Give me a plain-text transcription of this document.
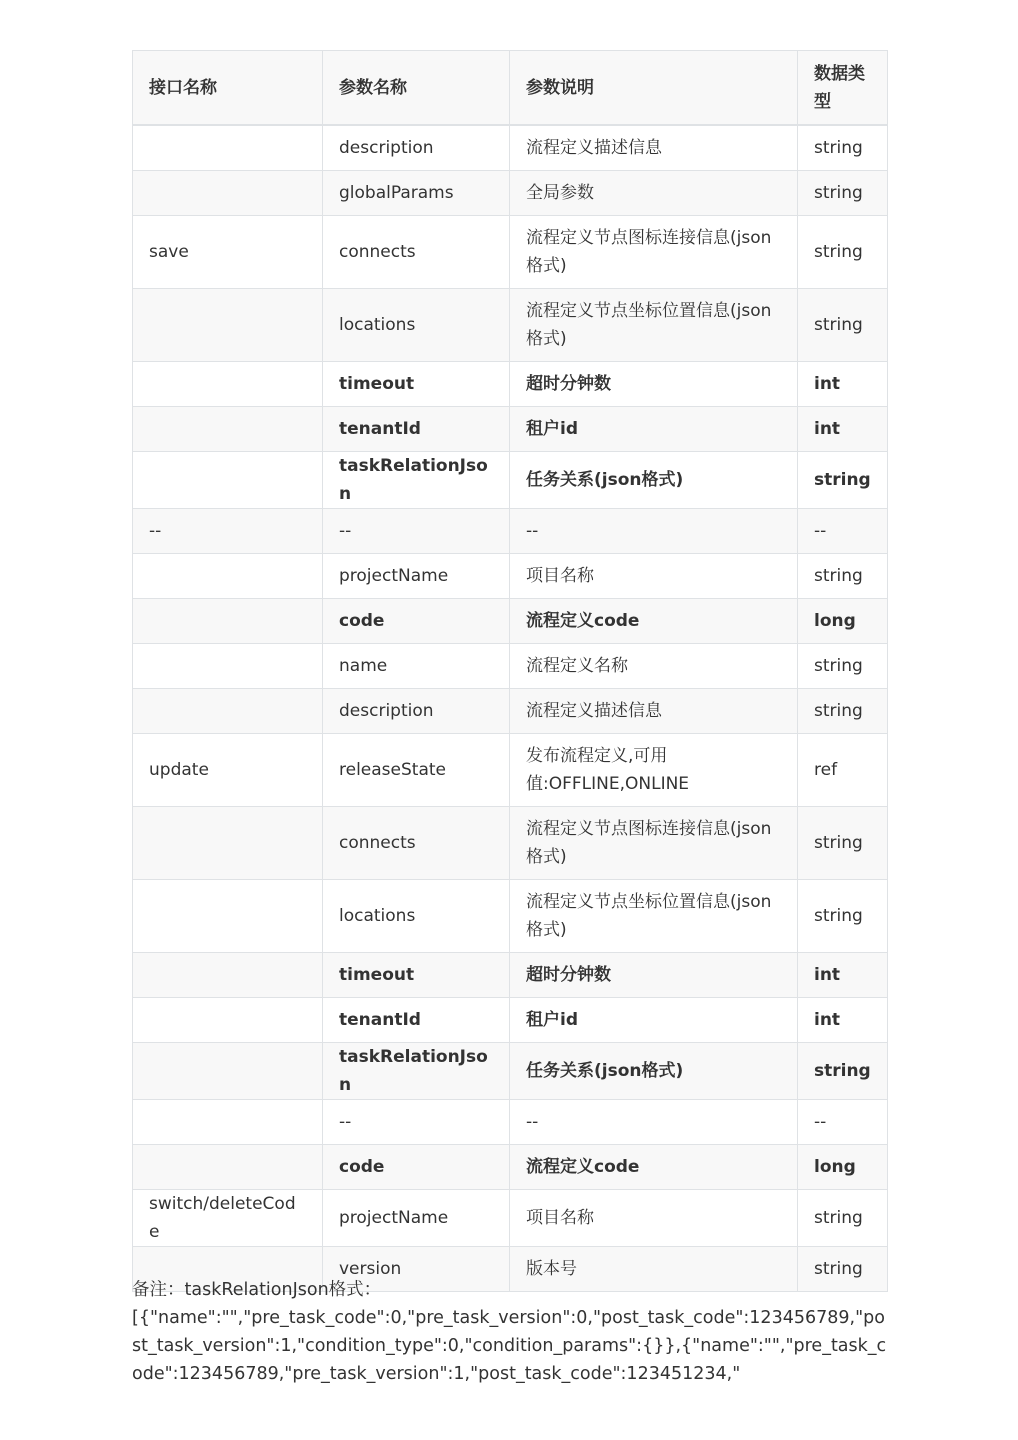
接口名称	参数名称	参数说明	数据类型
	description	流程定义描述信息	string
	globalParams	全局参数	string
save	connects	流程定义节点图标连接信息(json格式)	string
	locations	流程定义节点坐标位置信息(json格式)	string
	timeout	超时分钟数	int
	tenantId	租户id	int
	taskRelationJson	任务关系(json格式)	string
--	--	--	--
	projectName	项目名称	string
	code	流程定义code	long
	name	流程定义名称	string
	description	流程定义描述信息	string
update	releaseState	发布流程定义,可用值:OFFLINE,ONLINE	ref
	connects	流程定义节点图标连接信息(json格式)	string
	locations	流程定义节点坐标位置信息(json格式)	string
	timeout	超时分钟数	int
	tenantId	租户id	int
	taskRelationJson	任务关系(json格式)	string
	--	--	--
	code	流程定义code	long
switch/deleteCode	projectName	项目名称	string
	version	版本号	string

备注：taskRelationJson格式：

[{"name":"","pre_task_code":0,"pre_task_version":0,"post_task_code":123456789,"post_task_version":1,"condition_type":0,"condition_params":{}},{"name":"","pre_task_code":123456789,"pre_task_version":1,"post_task_code":123451234,"
